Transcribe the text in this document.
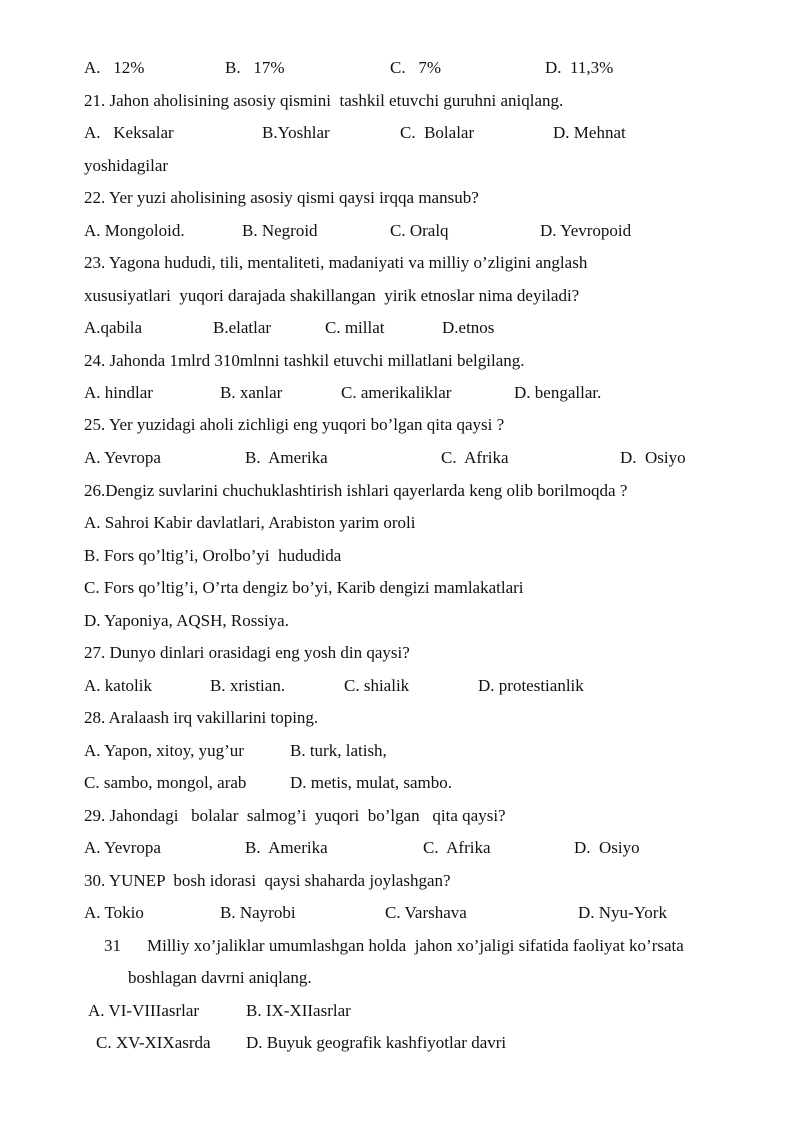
A.   12%	B.   17%	C.   7%	D.  11,3%
21. Jahon aholisining asosiy qismini  tashkil etuvchi guruhni aniqlang.
A.   Keksalar	B.Yoshlar	C.  Bolalar	D. Mehnat
yoshidagilar
22. Yer yuzi aholisining asosiy qismi qaysi irqqa mansub?
A. Mongoloid.	B. Negroid	C. Oralq	D. Yevropoid
23. Yagona hududi, tili, mentaliteti, madaniyati va milliy o’zligini anglash
xususiyatlari  yuqori darajada shakillangan  yirik etnoslar nima deyiladi?
A.qabila	B.elatlar	C. millat	D.etnos
24. Jahonda 1mlrd 310mlnni tashkil etuvchi millatlani belgilang.
A. hindlar	B. xanlar	C. amerikaliklar	D. bengallar.
25. Yer yuzidagi aholi zichligi eng yuqori bo’lgan qita qaysi ?
A. Yevropa	B.  Amerika	C.  Afrika	D.  Osiyo
26.Dengiz suvlarini chuchuklashtirish ishlari qayerlarda keng olib borilmoqda ?
A. Sahroi Kabir davlatlari, Arabiston yarim oroli
B. Fors qo’ltig’i, Orolbo’yi  hududida
C. Fors qo’ltig’i, O’rta dengiz bo’yi, Karib dengizi mamlakatlari
D. Yaponiya, AQSH, Rossiya.
27. Dunyo dinlari orasidagi eng yosh din qaysi?
A. katolik	B. xristian.	C. shialik	D. protestianlik
28. Aralaash irq vakillarini toping.
A. Yapon, xitoy, yug’ur	B. turk, latish,
C. sambo, mongol, arab	D. metis, mulat, sambo.
29. Jahondagi   bolalar  salmog’i  yuqori  bo’lgan   qita qaysi?
A. Yevropa	B.  Amerika	C.  Afrika	D.  Osiyo
30. YUNEP  bosh idorasi  qaysi shaharda joylashgan?
A. Tokio	B. Nayrobi	C. Varshava	D. Nyu-York
31 Milliy xo’jaliklar umumlashgan holda  jahon xo’jaligi sifatida faoliyat ko’rsata
boshlagan davrni aniqlang.
A. VI-VIIIasrlar	B. IX-XIIasrlar
C. XV-XIXasrda D. Buyuk geografik kashfiyotlar davri
